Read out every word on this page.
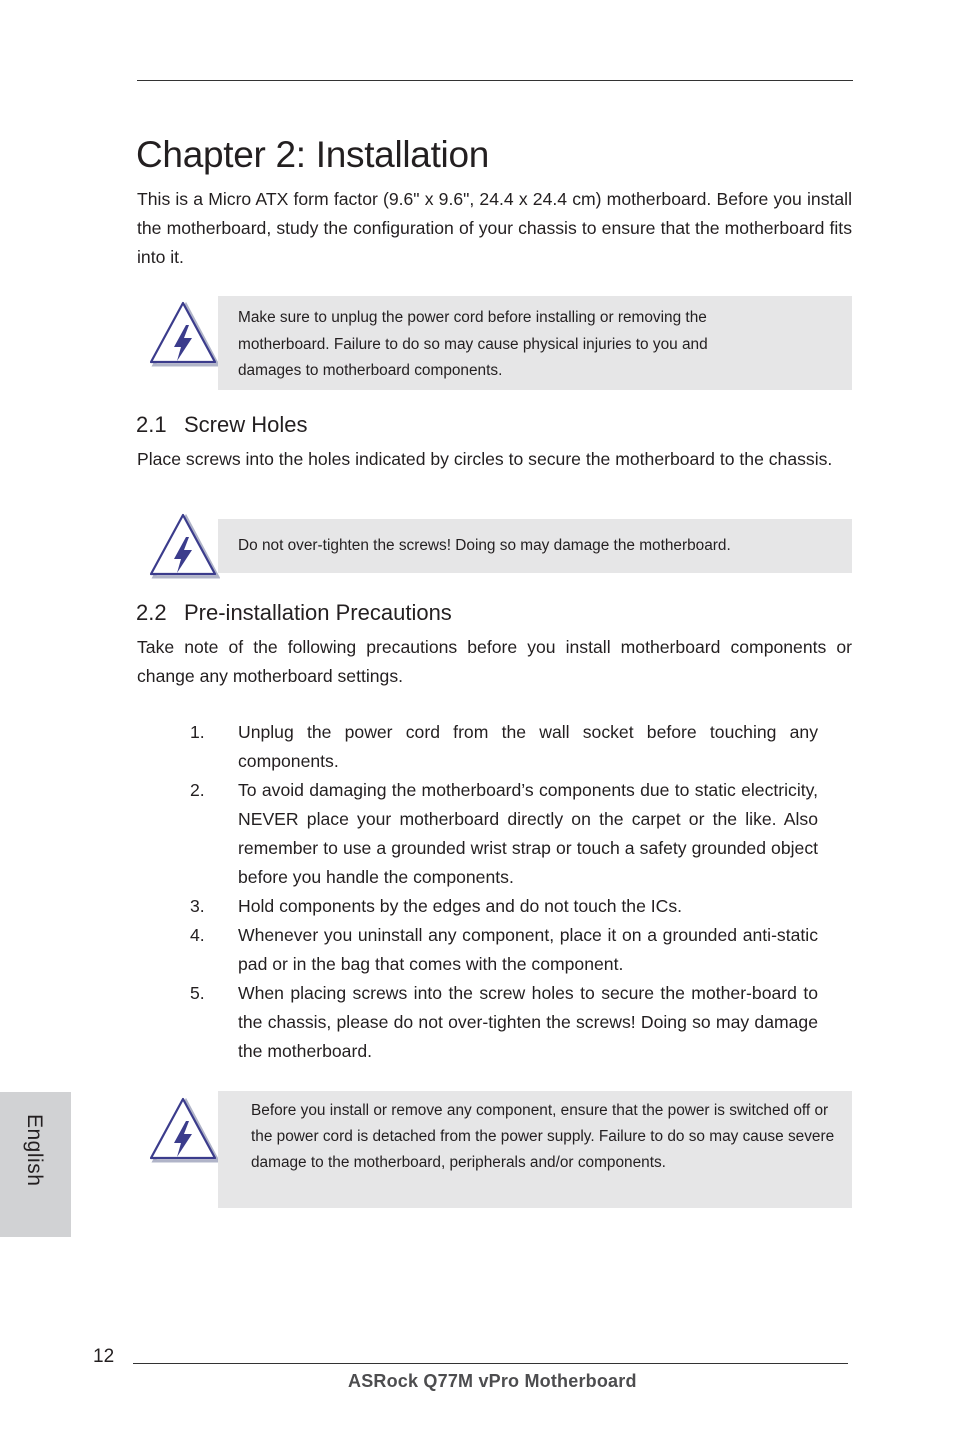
Chapter 2: Installation

This is a Micro ATX form factor (9.6" x 9.6", 24.4 x 24.4 cm) motherboard. Before you install the motherboard, study the configuration of your chassis to ensure that the motherboard fits into it.

Make sure to unplug the power cord before installing or removing the motherboard. Failure to do so may cause physical injuries to you and damages to motherboard components.

2.1 Screw Holes

Place screws into the holes indicated by circles to secure the motherboard to the chassis.

Do not over-tighten the screws! Doing so may damage the motherboard.

2.2 Pre-installation Precautions

Take note of the following precautions before you install motherboard components or change any motherboard settings.

1. Unplug the power cord from the wall socket before touching any components.
2. To avoid damaging the motherboard’s components due to static electricity, NEVER place your motherboard directly on the carpet or the like. Also remember to use a grounded wrist strap or touch a safety grounded object before you handle the components.
3. Hold components by the edges and do not touch the ICs.
4. Whenever you uninstall any component, place it on a grounded anti-static pad or in the bag that comes with the component.
5. When placing screws into the screw holes to secure the mother-board to the chassis, please do not over-tighten the screws! Doing so may damage the motherboard.

Before you install or remove any component, ensure that the power is switched off or the power cord is detached from the power supply. Failure to do so may cause severe damage to the motherboard, peripherals and/or components.

English
12
ASRock Q77M vPro Motherboard
